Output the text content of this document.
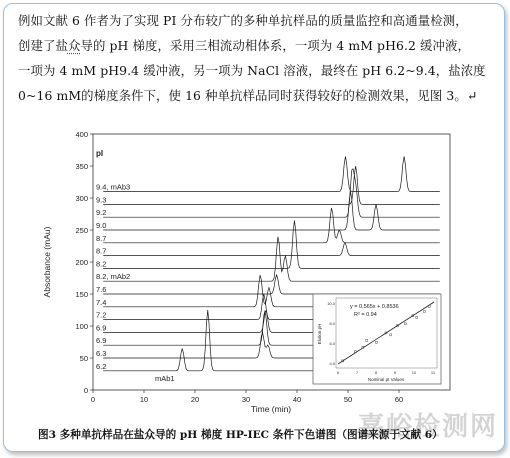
例如文献 6 作者为了实现 PI 分布较广的多种单抗样品的质量监控和高通量检测，
创建了盐众导的 pH 梯度，采用三相流动相体系，一项为 4 mM pH6.2 缓冲液，
一项为 4 mM pH9.4 缓冲液，另一项为 NaCl 溶液，最终在 pH 6.2~9.4，盐浓度
0~16 mM的梯度条件下，使 16 种单抗样品同时获得较好的检测效果，见图 3。↵
0
50
100
150
200
250
300
350
400
0	10	20	30	40	50	60
9.4, mAb3
9.3
9.2
9.0
8.7
8.7
8.2
8.2, mAb2
7.6
7.4
7.2
6.9
6.9
6.3
6.2
Absorbance (mAu)
Time (min)
pI
mAb1
y = 0.565x + 0.8536
R² = 0.94
Elution pH
Nominal pI Values
6	7	8	9	10	11
4.0
6.0
8.0
10.0
嘉峪检测网
图3 多种单抗样品在盐众导的 pH 梯度 HP-IEC 条件下色谱图（图谱来源于文献 6）
